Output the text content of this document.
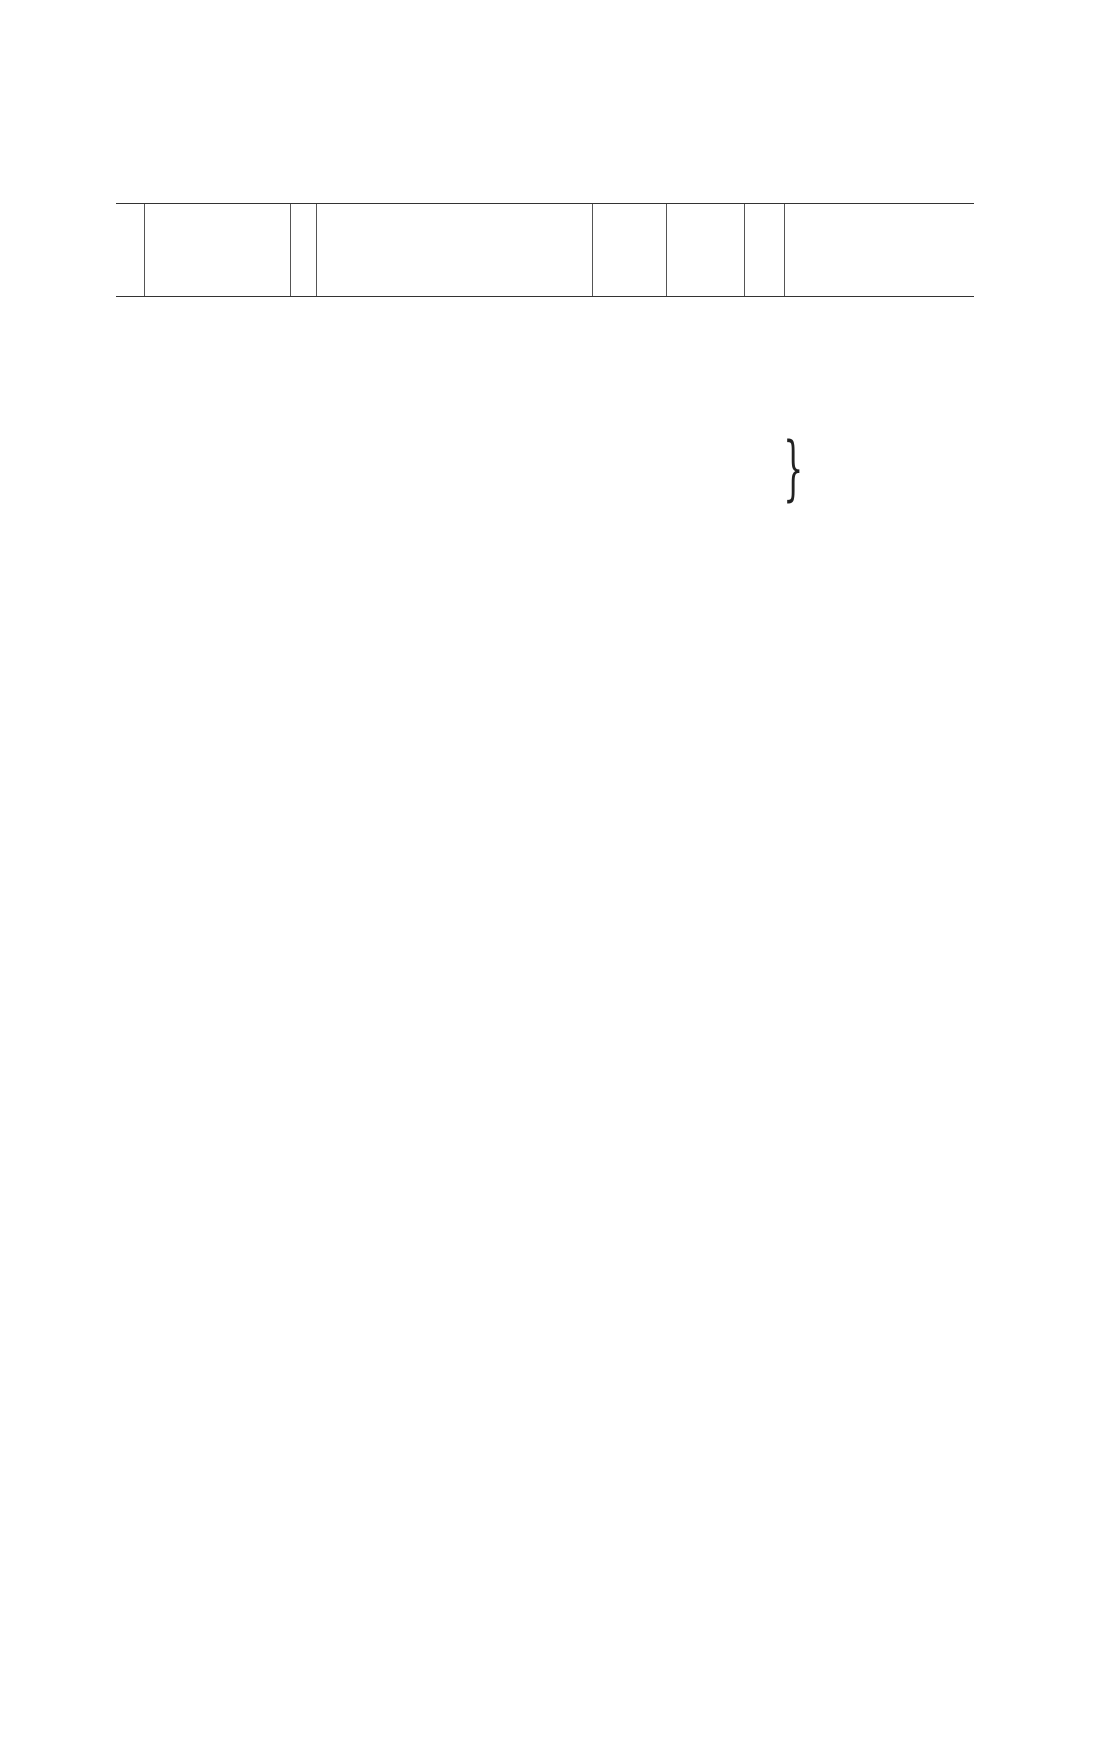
}
